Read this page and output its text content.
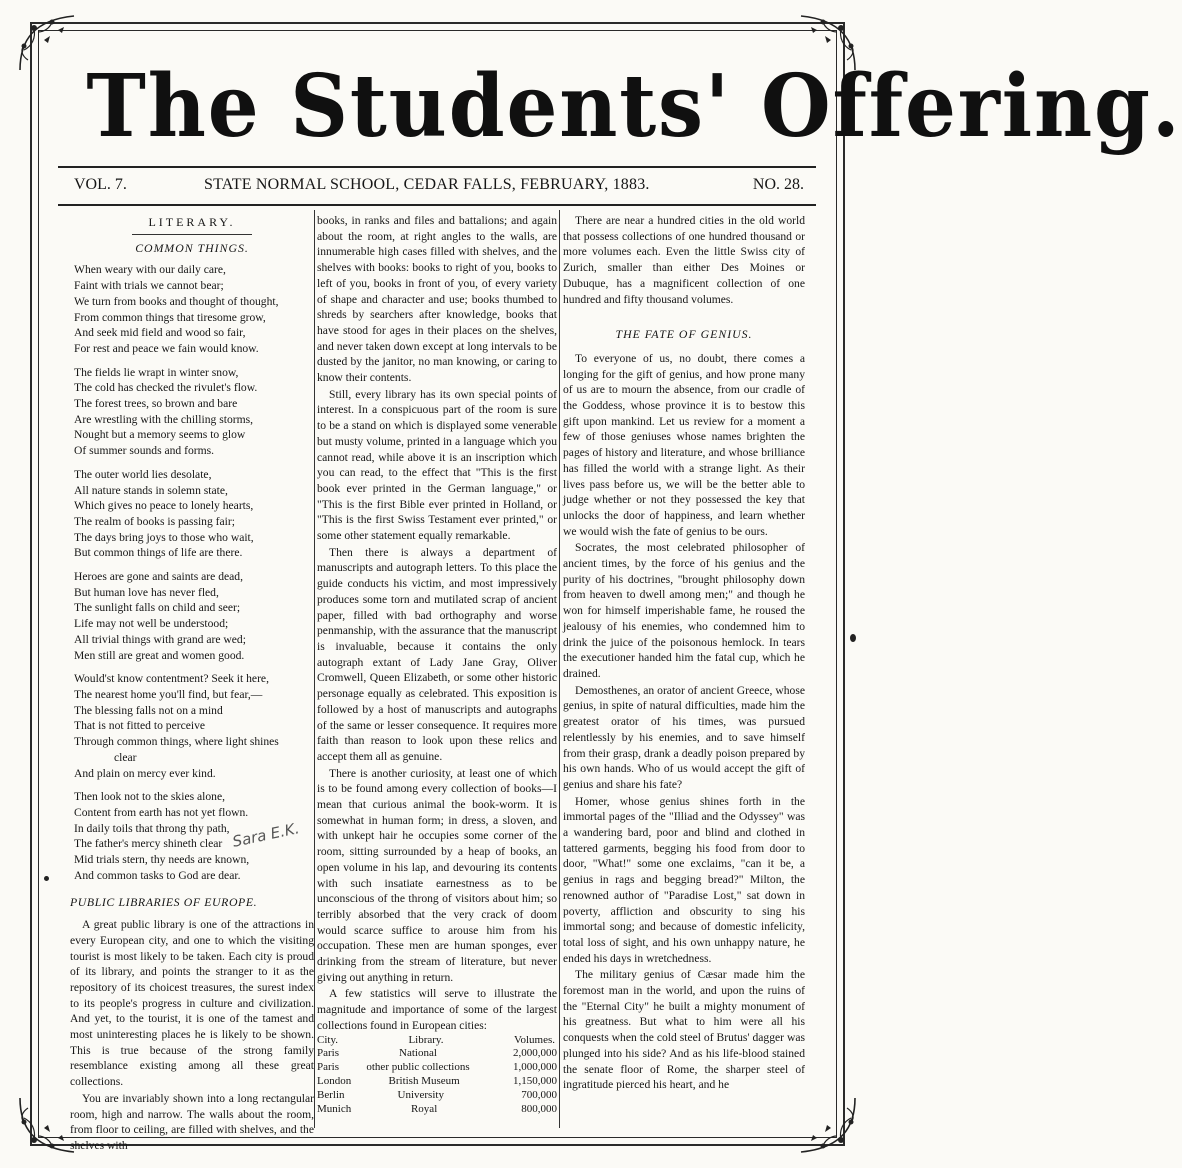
The Students' Offering.
VOL. 7.	STATE NORMAL SCHOOL, CEDAR FALLS, FEBRUARY, 1883.	NO. 28.
LITERARY.
COMMON THINGS.
When weary with our daily care,
Faint with trials we cannot bear;
We turn from books and thought of thought,
From common things that tiresome grow,
And seek mid field and wood so fair,
For rest and peace we fain would know.
The fields lie wrapt in winter snow,
The cold has checked the rivulet's flow.
The forest trees, so brown and bare
Are wrestling with the chilling storms,
Nought but a memory seems to glow
Of summer sounds and forms.
The outer world lies desolate,
All nature stands in solemn state,
Which gives no peace to lonely hearts,
The realm of books is passing fair;
The days bring joys to those who wait,
But common things of life are there.
Heroes are gone and saints are dead,
But human love has never fled,
The sunlight falls on child and seer;
Life may not well be understood;
All trivial things with grand are wed;
Men still are great and women good.
Would'st know contentment? Seek it here,
The nearest home you'll find, but fear,—
The blessing falls not on a mind
That is not fitted to perceive
Through common things, where light shines
clear
And plain on mercy ever kind.
Then look not to the skies alone,
Content from earth has not yet flown.
In daily toils that throng thy path,
The father's mercy shineth clear
Mid trials stern, thy needs are known,
And common tasks to God are dear.
PUBLIC LIBRARIES OF EUROPE.

A great public library is one of the attractions in every European city, and one to which the visiting tourist is most likely to be taken. Each city is proud of its library, and points the stranger to it as the repository of its choicest treasures, the surest index to its people's progress in culture and civilization. And yet, to the tourist, it is one of the tamest and most uninteresting places he is likely to be shown. This is true because of the strong family resemblance existing among all these great collections.

You are invariably shown into a long rectangular room, high and narrow. The walls about the room, from floor to ceiling, are filled with shelves, and the shelves with

Sara E.K.

books, in ranks and files and battalions; and again about the room, at right angles to the walls, are innumerable high cases filled with shelves, and the shelves with books: books to right of you, books to left of you, books in front of you, of every variety of shape and character and use; books thumbed to shreds by searchers after knowledge, books that have stood for ages in their places on the shelves, and never taken down except at long intervals to be dusted by the janitor, no man knowing, or caring to know their contents.

Still, every library has its own special points of interest. In a conspicuous part of the room is sure to be a stand on which is displayed some venerable but musty volume, printed in a language which you cannot read, while above it is an inscription which you can read, to the effect that "This is the first book ever printed in the German language," or "This is the first Bible ever printed in Holland, or "This is the first Swiss Testament ever printed," or some other statement equally remarkable.

Then there is always a department of manuscripts and autograph letters. To this place the guide conducts his victim, and most impressively produces some torn and mutilated scrap of ancient paper, filled with bad orthography and worse penmanship, with the assurance that the manuscript is invaluable, because it contains the only autograph extant of Lady Jane Gray, Oliver Cromwell, Queen Elizabeth, or some other historic personage equally as celebrated. This exposition is followed by a host of manuscripts and autographs of the same or lesser consequence. It requires more faith than reason to look upon these relics and accept them all as genuine.

There is another curiosity, at least one of which is to be found among every collection of books—I mean that curious animal the book-worm. It is somewhat in human form; in dress, a sloven, and with unkept hair he occupies some corner of the room, sitting surrounded by a heap of books, an open volume in his lap, and devouring its contents with such insatiate earnestness as to be unconscious of the throng of visitors about him; so terribly absorbed that the very crack of doom would scarce suffice to arouse him from his occupation. These men are human sponges, ever drinking from the stream of literature, but never giving out anything in return.

A few statistics will serve to illustrate the magnitude and importance of some of the largest collections found in European cities:

City.	Library.	Volumes.
Paris	National	2,000,000
Paris	other public collections	1,000,000
London	British Museum	1,150,000
Berlin	University	700,000
Munich	Royal	800,000

There are near a hundred cities in the old world that possess collections of one hundred thousand or more volumes each. Even the little Swiss city of Zurich, smaller than either Des Moines or Dubuque, has a magnificent collection of one hundred and fifty thousand volumes.

THE FATE OF GENIUS.

To everyone of us, no doubt, there comes a longing for the gift of genius, and how prone many of us are to mourn the absence, from our cradle of the Goddess, whose province it is to bestow this gift upon mankind. Let us review for a moment a few of those geniuses whose names brighten the pages of history and literature, and whose brilliance has filled the world with a strange light. As their lives pass before us, we will be the better able to judge whether or not they possessed the key that unlocks the door of happiness, and learn whether we would wish the fate of genius to be ours.

Socrates, the most celebrated philosopher of ancient times, by the force of his genius and the purity of his doctrines, "brought philosophy down from heaven to dwell among men;" and though he won for himself imperishable fame, he roused the jealousy of his enemies, who condemned him to drink the juice of the poisonous hemlock. In tears the executioner handed him the fatal cup, which he drained.

Demosthenes, an orator of ancient Greece, whose genius, in spite of natural difficulties, made him the greatest orator of his times, was pursued relentlessly by his enemies, and to save himself from their grasp, drank a deadly poison prepared by his own hands. Who of us would accept the gift of genius and share his fate?

Homer, whose genius shines forth in the immortal pages of the "Illiad and the Odyssey" was a wandering bard, poor and blind and clothed in tattered garments, begging his food from door to door, "What!" some one exclaims, "can it be, a genius in rags and begging bread?" Milton, the renowned author of "Paradise Lost," sat down in poverty, affliction and obscurity to sing his immortal song; and because of domestic infelicity, total loss of sight, and his own unhappy nature, he ended his days in wretchedness.

The military genius of Cæsar made him the foremost man in the world, and upon the ruins of the "Eternal City" he built a mighty monument of his greatness. But what to him were all his conquests when the cold steel of Brutus' dagger was plunged into his side? And as his life-blood stained the senate floor of Rome, the sharper steel of ingratitude pierced his heart, and he
